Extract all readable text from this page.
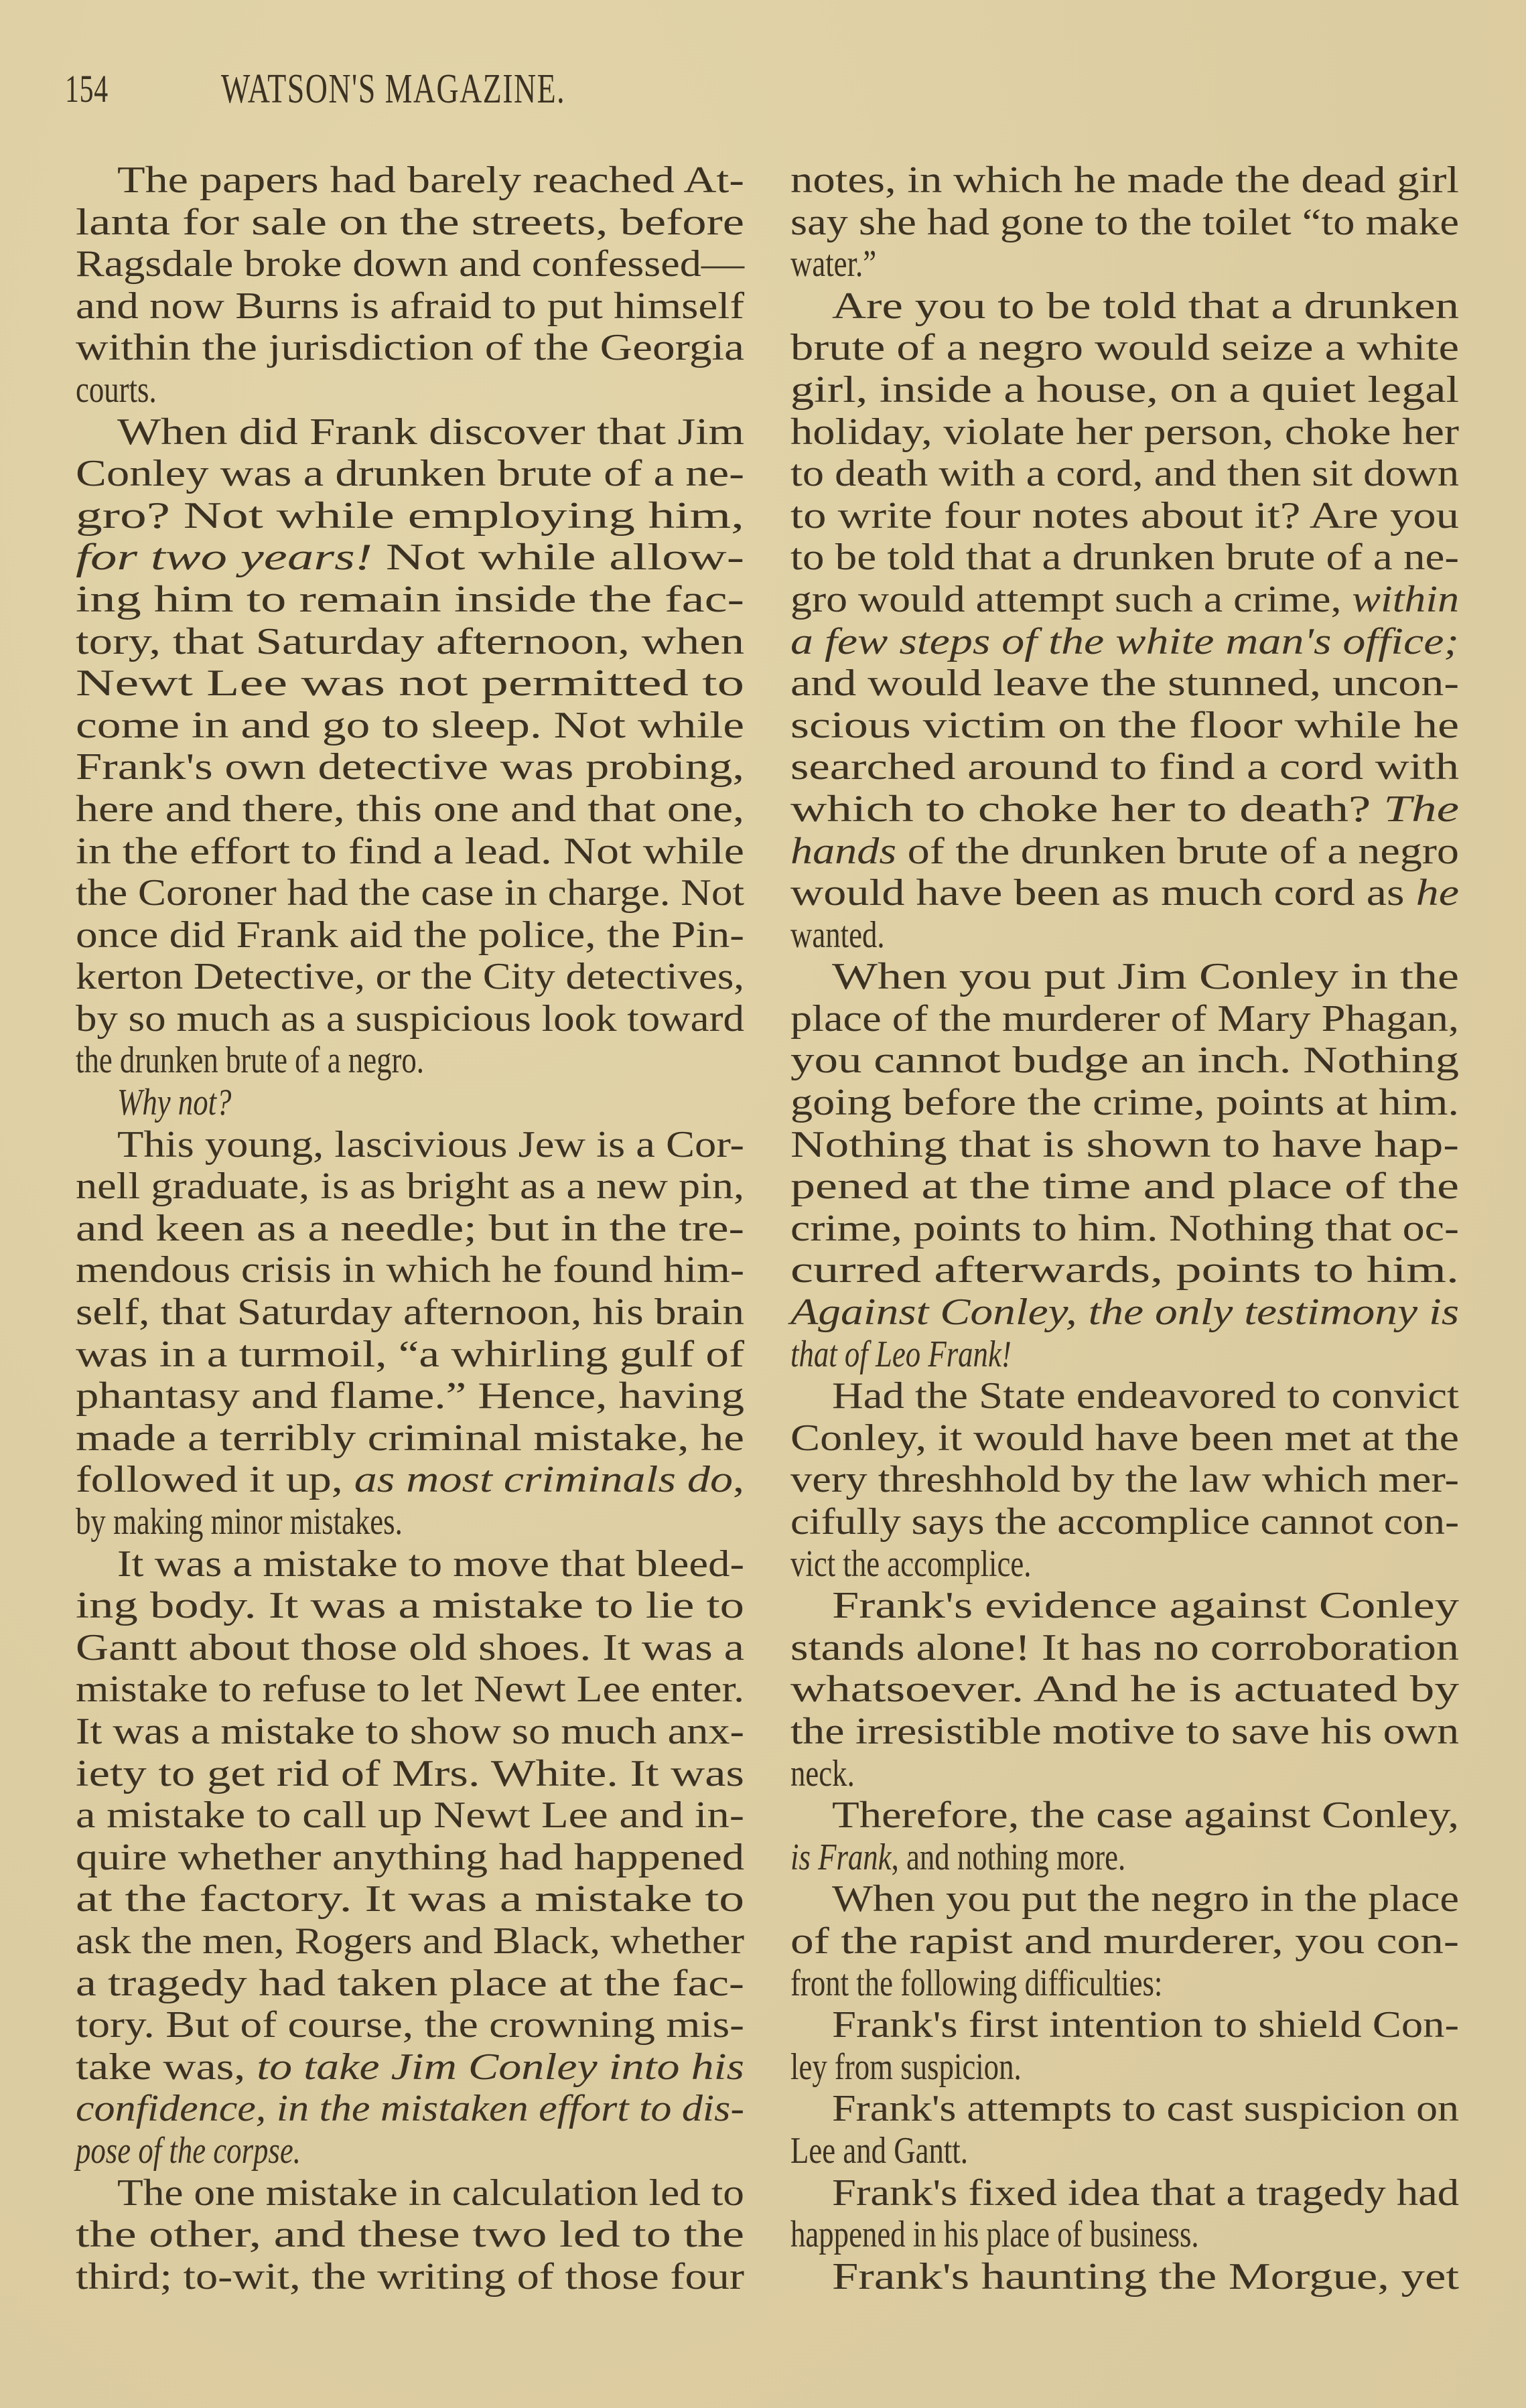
154	WATSON'S MAGAZINE.
The papers had barely reached At-
lanta for sale on the streets, before
Ragsdale broke down and confessed—
and now Burns is afraid to put himself
within the jurisdiction of the Georgia
courts.
When did Frank discover that Jim
Conley was a drunken brute of a ne-
gro? Not while employing him,
for two years! Not while allow-
ing him to remain inside the fac-
tory, that Saturday afternoon, when
Newt Lee was not permitted to
come in and go to sleep. Not while
Frank's own detective was probing,
here and there, this one and that one,
in the effort to find a lead. Not while
the Coroner had the case in charge. Not
once did Frank aid the police, the Pin-
kerton Detective, or the City detectives,
by so much as a suspicious look toward
the drunken brute of a negro.
Why not?
This young, lascivious Jew is a Cor-
nell graduate, is as bright as a new pin,
and keen as a needle; but in the tre-
mendous crisis in which he found him-
self, that Saturday afternoon, his brain
was in a turmoil, “a whirling gulf of
phantasy and flame.” Hence, having
made a terribly criminal mistake, he
followed it up, as most criminals do,
by making minor mistakes.
It was a mistake to move that bleed-
ing body. It was a mistake to lie to
Gantt about those old shoes. It was a
mistake to refuse to let Newt Lee enter.
It was a mistake to show so much anx-
iety to get rid of Mrs. White. It was
a mistake to call up Newt Lee and in-
quire whether anything had happened
at the factory. It was a mistake to
ask the men, Rogers and Black, whether
a tragedy had taken place at the fac-
tory. But of course, the crowning mis-
take was, to take Jim Conley into his
confidence, in the mistaken effort to dis-
pose of the corpse.
The one mistake in calculation led to
the other, and these two led to the
third; to-wit, the writing of those four
notes, in which he made the dead girl
say she had gone to the toilet “to make
water.”
Are you to be told that a drunken
brute of a negro would seize a white
girl, inside a house, on a quiet legal
holiday, violate her person, choke her
to death with a cord, and then sit down
to write four notes about it? Are you
to be told that a drunken brute of a ne-
gro would attempt such a crime, within
a few steps of the white man's office;
and would leave the stunned, uncon-
scious victim on the floor while he
searched around to find a cord with
which to choke her to death? The
hands of the drunken brute of a negro
would have been as much cord as he
wanted.
When you put Jim Conley in the
place of the murderer of Mary Phagan,
you cannot budge an inch. Nothing
going before the crime, points at him.
Nothing that is shown to have hap-
pened at the time and place of the
crime, points to him. Nothing that oc-
curred afterwards, points to him.
Against Conley, the only testimony is
that of Leo Frank!
Had the State endeavored to convict
Conley, it would have been met at the
very threshhold by the law which mer-
cifully says the accomplice cannot con-
vict the accomplice.
Frank's evidence against Conley
stands alone! It has no corroboration
whatsoever. And he is actuated by
the irresistible motive to save his own
neck.
Therefore, the case against Conley,
is Frank, and nothing more.
When you put the negro in the place
of the rapist and murderer, you con-
front the following difficulties:
Frank's first intention to shield Con-
ley from suspicion.
Frank's attempts to cast suspicion on
Lee and Gantt.
Frank's fixed idea that a tragedy had
happened in his place of business.
Frank's haunting the Morgue, yet
